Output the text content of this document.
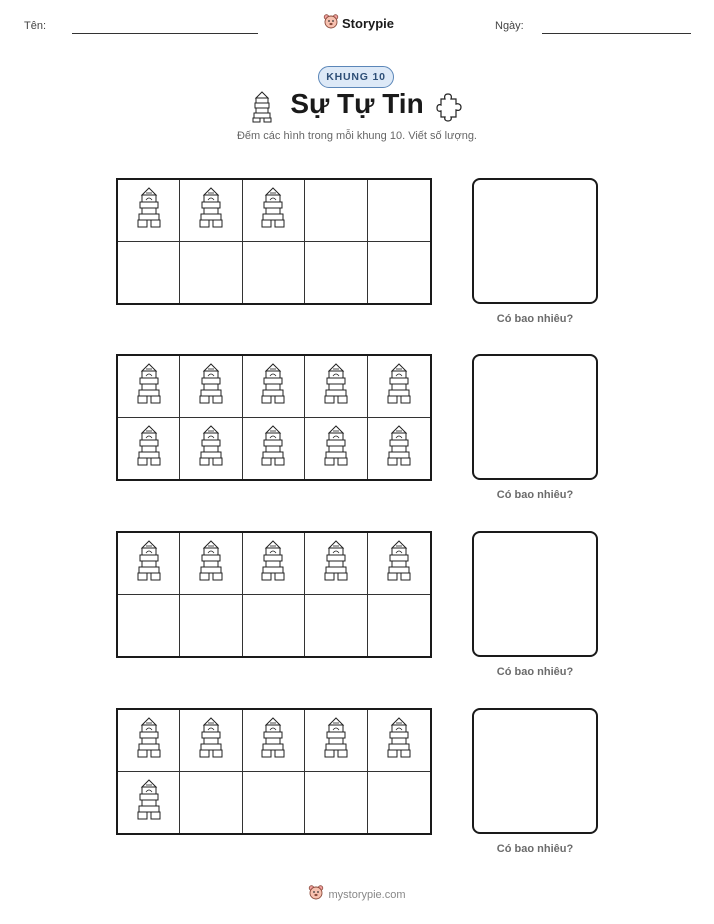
Tên:	Storypie	Ngày:
KHUNG 10
Sự Tự Tin
Đếm các hình trong mỗi khung 10. Viết số lượng.
Có bao nhiêu?
Có bao nhiêu?
Có bao nhiêu?
Có bao nhiêu?
mystorypie.com
